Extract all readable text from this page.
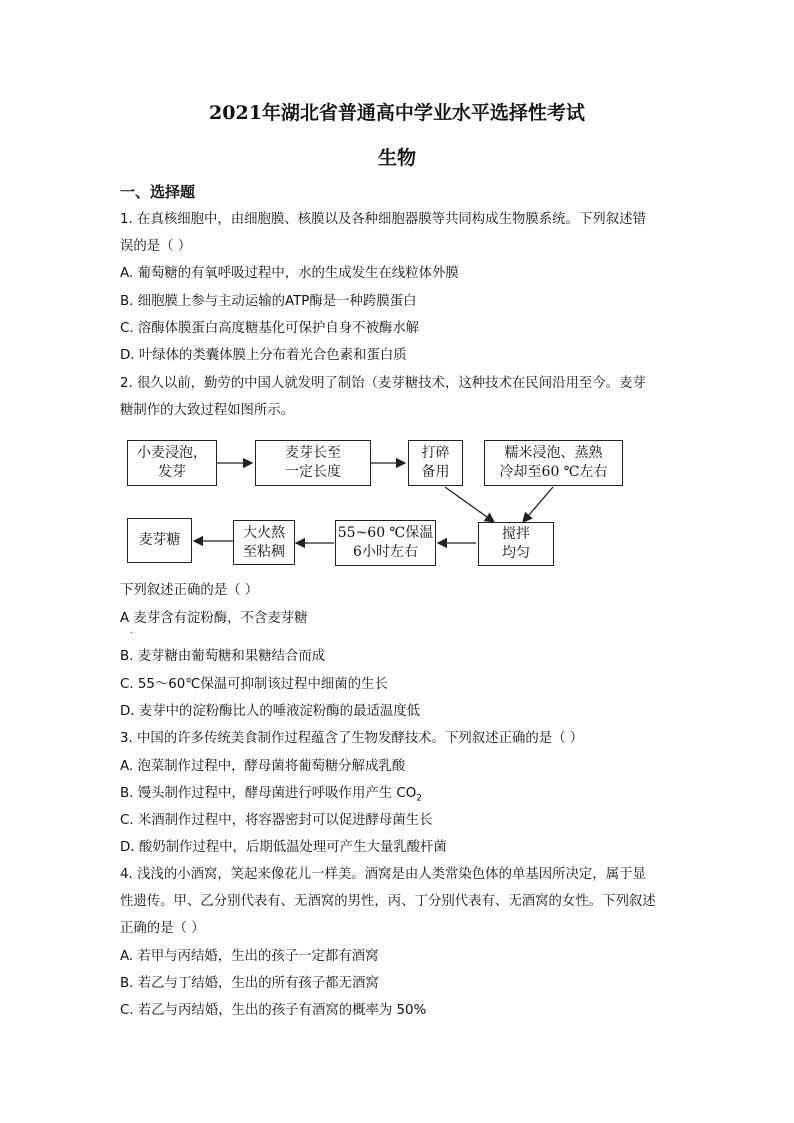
2021年湖北省普通高中学业水平选择性考试
生物
一、选择题
1. 在真核细胞中，由细胞膜、核膜以及各种细胞器膜等共同构成生物膜系统。下列叙述错
误的是（ ）
A. 葡萄糖的有氧呼吸过程中，水的生成发生在线粒体外膜
B. 细胞膜上参与主动运输的ATP酶是一种跨膜蛋白
C. 溶酶体膜蛋白高度糖基化可保护自身不被酶水解
D. 叶绿体的类囊体膜上分布着光合色素和蛋白质
2. 很久以前，勤劳的中国人就发明了制饴（麦芽糖技术，这种技术在民间沿用至今。麦芽
糖制作的大致过程如图所示。
小麦浸泡，
发芽
麦芽长至
一定长度
打碎
备用
糯米浸泡、蒸熟
冷却至60 ℃左右
搅拌
均匀
55~60 ℃保温
6小时左右
大火熬
至粘稠
麦芽糖
下列叙述正确的是（ ）
A 麦芽含有淀粉酶，不含麦芽糖
·
B. 麦芽糖由葡萄糖和果糖结合而成
C. 55～60℃保温可抑制该过程中细菌的生长
D. 麦芽中的淀粉酶比人的唾液淀粉酶的最适温度低
3. 中国的许多传统美食制作过程蕴含了生物发酵技术。下列叙述正确的是（ ）
A. 泡菜制作过程中，酵母菌将葡萄糖分解成乳酸
B. 馒头制作过程中，酵母菌进行呼吸作用产生 $CO_2$
C. 米酒制作过程中，将容器密封可以促进酵母菌生长
D. 酸奶制作过程中，后期低温处理可产生大量乳酸杆菌
4. 浅浅的小酒窝，笑起来像花儿一样美。酒窝是由人类常染色体的单基因所决定，属于显
性遗传。甲、乙分别代表有、无酒窝的男性，丙、丁分别代表有、无酒窝的女性。下列叙述
正确的是（ ）
A. 若甲与丙结婚，生出的孩子一定都有酒窝
B. 若乙与丁结婚，生出的所有孩子都无酒窝
C. 若乙与丙结婚，生出的孩子有酒窝的概率为 50%
